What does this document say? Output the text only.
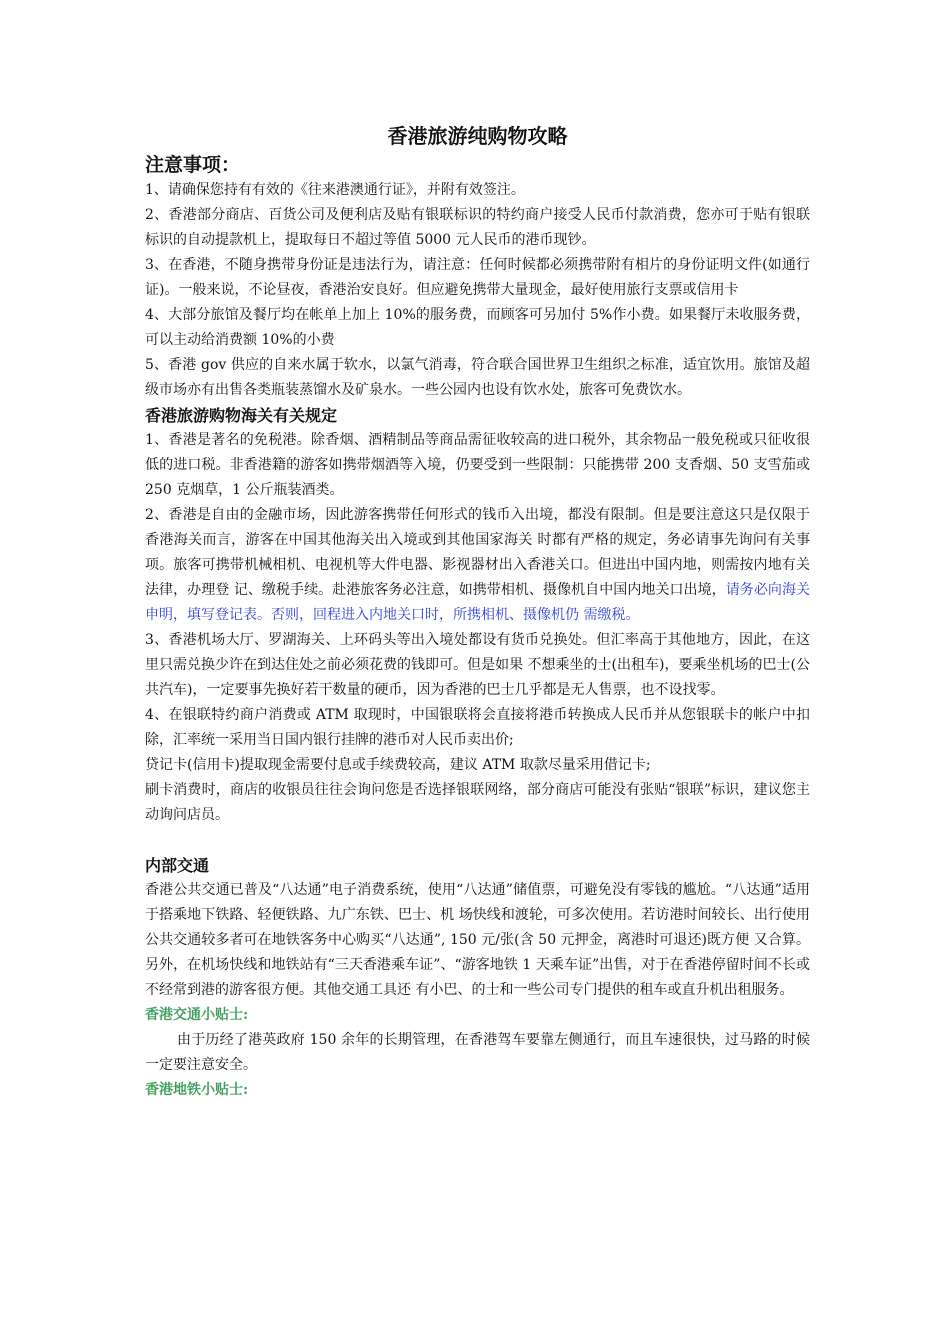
香港旅游纯购物攻略
注意事项：

1、请确保您持有有效的《往来港澳通行证》，并附有效签注。

2、香港部分商店、百货公司及便利店及贴有银联标识的特约商户接受人民币付款消费，您亦可于贴有银联标识的自动提款机上，提取每日不超过等值 5000 元人民币的港币现钞。

3、在香港，不随身携带身份证是违法行为，请注意：任何时候都必须携带附有相片的身份证明文件(如通行证)。一般来说，不论昼夜，香港治安良好。但应避免携带大量现金，最好使用旅行支票或信用卡

4、大部分旅馆及餐厅均在帐单上加上 10%的服务费，而顾客可另加付 5%作小费。如果餐厅未收服务费，可以主动给消费额 10%的小费

5、香港 gov 供应的自来水属于软水，以氯气消毒，符合联合国世界卫生组织之标准，适宜饮用。旅馆及超级市场亦有出售各类瓶装蒸馏水及矿泉水。一些公园内也设有饮水处，旅客可免费饮水。

香港旅游购物海关有关规定

1、香港是著名的免税港。除香烟、酒精制品等商品需征收较高的进口税外，其余物品一般免税或只征收很低的进口税。非香港籍的游客如携带烟酒等入境，仍要受到一些限制：只能携带 200 支香烟、50 支雪茄或 250 克烟草，1 公斤瓶装酒类。

2、香港是自由的金融市场，因此游客携带任何形式的钱币入出境，都没有限制。但是要注意这只是仅限于香港海关而言，游客在中国其他海关出入境或到其他国家海关 时都有严格的规定，务必请事先询问有关事项。旅客可携带机械相机、电视机等大件电器、影视器材出入香港关口。但进出中国内地，则需按内地有关法律，办理登 记、缴税手续。赴港旅客务必注意，如携带相机、摄像机自中国内地关口出境，请务必向海关申明，填写登记表。否则，回程进入内地关口时，所携相机、摄像机仍 需缴税。

3、香港机场大厅、罗湖海关、上环码头等出入境处都设有货币兑换处。但汇率高于其他地方，因此，在这里只需兑换少许在到达住处之前必须花费的钱即可。但是如果 不想乘坐的士(出租车)，要乘坐机场的巴士(公共汽车)，一定要事先换好若干数量的硬币，因为香港的巴士几乎都是无人售票，也不设找零。

4、在银联特约商户消费或 ATM 取现时，中国银联将会直接将港币转换成人民币并从您银联卡的帐户中扣除，汇率统一采用当日国内银行挂牌的港币对人民币卖出价;

贷记卡(信用卡)提取现金需要付息或手续费较高，建议 ATM 取款尽量采用借记卡;

刷卡消费时，商店的收银员往往会询问您是否选择银联网络，部分商店可能没有张贴“银联”标识，建议您主动询问店员。

内部交通

香港公共交通已普及“八达通”电子消费系统，使用“八达通”储值票，可避免没有零钱的尴尬。“八达通”适用于搭乘地下铁路、轻便铁路、九广东铁、巴士、机 场快线和渡轮，可多次使用。若访港时间较长、出行使用公共交通较多者可在地铁客务中心购买“八达通”, 150 元/张(含 50 元押金，离港时可退还)既方便 又合算。另外，在机场快线和地铁站有“三天香港乘车证”、“游客地铁 1 天乘车证”出售，对于在香港停留时间不长或不经常到港的游客很方便。其他交通工具还 有小巴、的士和一些公司专门提供的租车或直升机出租服务。

香港交通小贴士:

由于历经了港英政府 150 余年的长期管理，在香港驾车要靠左侧通行，而且车速很快，过马路的时候一定要注意安全。

香港地铁小贴士:
